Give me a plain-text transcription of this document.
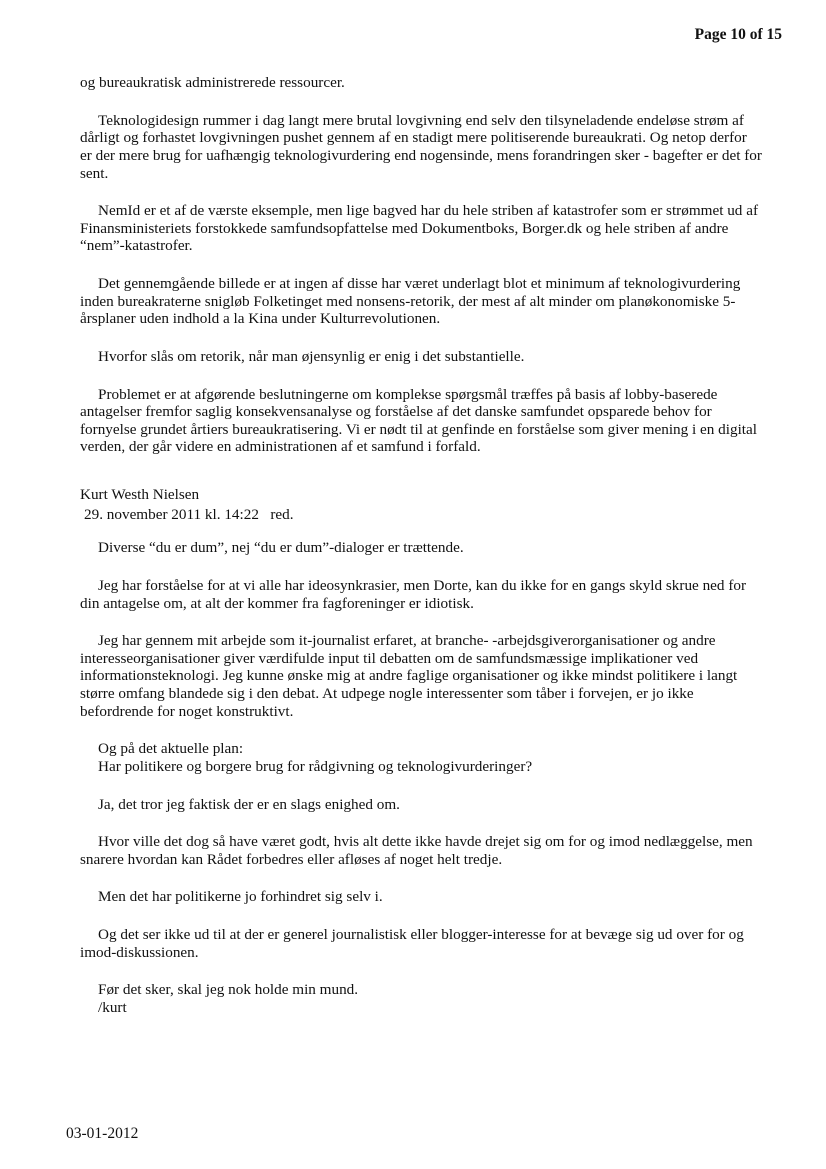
Page 10 of 15

og bureaukratisk administrerede ressourcer.

Teknologidesign rummer i dag langt mere brutal lovgivning end selv den tilsyneladende endeløse strøm af dårligt og forhastet lovgivningen pushet gennem af en stadigt mere politiserende bureaukrati. Og netop derfor er der mere brug for uafhængig teknologivurdering end nogensinde, mens forandringen sker - bagefter er det for sent.

NemId er et af de værste eksemple, men lige bagved har du hele striben af katastrofer som er strømmet ud af Finansministeriets forstokkede samfundsopfattelse med Dokumentboks, Borger.dk og hele striben af andre “nem”-katastrofer.

Det gennemgående billede er at ingen af disse har været underlagt blot et minimum af teknologivurdering inden bureakraterne snigløb Folketinget med nonsens-retorik, der mest af alt minder om planøkonomiske 5-årsplaner uden indhold a la Kina under Kulturrevolutionen.

Hvorfor slås om retorik, når man øjensynlig er enig i det substantielle.

Problemet er at afgørende beslutningerne om komplekse spørgsmål træffes på basis af lobby-baserede antagelser fremfor saglig konsekvensanalyse og forståelse af det danske samfundet opsparede behov for fornyelse grundet årtiers bureaukratisering. Vi er nødt til at genfinde en forståelse som giver mening i en digital verden, der går videre en administrationen af et samfund i forfald.

Kurt Westh Nielsen
29. november 2011 kl. 14:22 red.

Diverse “du er dum”, nej “du er dum”-dialoger er trættende.

Jeg har forståelse for at vi alle har ideosynkrasier, men Dorte, kan du ikke for en gangs skyld skrue ned for din antagelse om, at alt der kommer fra fagforeninger er idiotisk.

Jeg har gennem mit arbejde som it-journalist erfaret, at branche- -arbejdsgiverorganisationer og andre interesseorganisationer giver værdifulde input til debatten om de samfundsmæssige implikationer ved informationsteknologi. Jeg kunne ønske mig at andre faglige organisationer og ikke mindst politikere i langt større omfang blandede sig i den debat. At udpege nogle interessenter som tåber i forvejen, er jo ikke befordrende for noget konstruktivt.

Og på det aktuelle plan:
Har politikere og borgere brug for rådgivning og teknologivurderinger?

Ja, det tror jeg faktisk der er en slags enighed om.

Hvor ville det dog så have været godt, hvis alt dette ikke havde drejet sig om for og imod nedlæggelse, men snarere hvordan kan Rådet forbedres eller afløses af noget helt tredje.

Men det har politikerne jo forhindret sig selv i.

Og det ser ikke ud til at der er generel journalistisk eller blogger-interesse for at bevæge sig ud over for og imod-diskussionen.

Før det sker, skal jeg nok holde min mund.
/kurt

03-01-2012
